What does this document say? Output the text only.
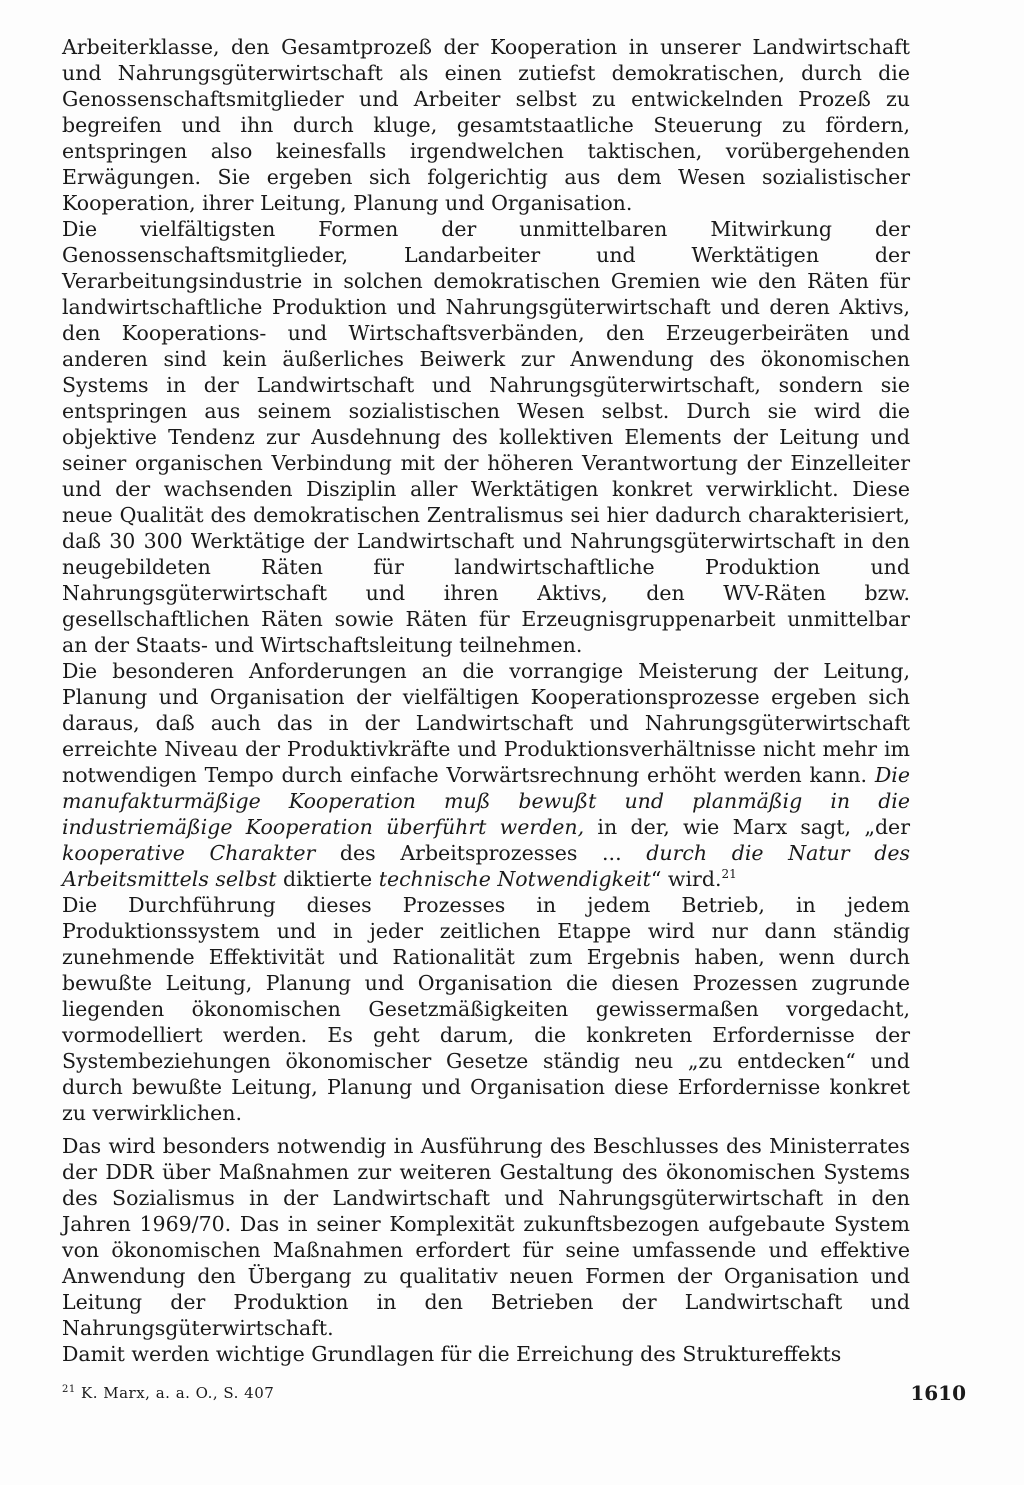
Arbeiterklasse, den Gesamtprozeß der Kooperation in unserer Landwirtschaft und Nahrungsgüterwirtschaft als einen zutiefst demokratischen, durch die Genossenschaftsmitglieder und Arbeiter selbst zu entwickelnden Prozeß zu begreifen und ihn durch kluge, gesamtstaatliche Steuerung zu fördern, entspringen also keinesfalls irgendwelchen taktischen, vorübergehenden Erwägungen. Sie ergeben sich folgerichtig aus dem Wesen sozialistischer Kooperation, ihrer Leitung, Planung und Organisation.

Die vielfältigsten Formen der unmittelbaren Mitwirkung der Genossenschaftsmitglieder, Landarbeiter und Werktätigen der Verarbeitungsindustrie in solchen demokratischen Gremien wie den Räten für landwirtschaftliche Produktion und Nahrungsgüterwirtschaft und deren Aktivs, den Kooperations- und Wirtschaftsverbänden, den Erzeugerbeiräten und anderen sind kein äußerliches Beiwerk zur Anwendung des ökonomischen Systems in der Landwirtschaft und Nahrungsgüterwirtschaft, sondern sie entspringen aus seinem sozialistischen Wesen selbst. Durch sie wird die objektive Tendenz zur Ausdehnung des kollektiven Elements der Leitung und seiner organischen Verbindung mit der höheren Verantwortung der Einzelleiter und der wachsenden Disziplin aller Werktätigen konkret verwirklicht. Diese neue Qualität des demokratischen Zentralismus sei hier dadurch charakterisiert, daß 30 300 Werktätige der Landwirtschaft und Nahrungsgüterwirtschaft in den neugebildeten Räten für landwirtschaftliche Produktion und Nahrungsgüterwirtschaft und ihren Aktivs, den WV-Räten bzw. gesellschaftlichen Räten sowie Räten für Erzeugnisgruppenarbeit unmittelbar an der Staats- und Wirtschaftsleitung teilnehmen.

Die besonderen Anforderungen an die vorrangige Meisterung der Leitung, Planung und Organisation der vielfältigen Kooperationsprozesse ergeben sich daraus, daß auch das in der Landwirtschaft und Nahrungsgüterwirtschaft erreichte Niveau der Produktivkräfte und Produktionsverhältnisse nicht mehr im notwendigen Tempo durch einfache Vorwärtsrechnung erhöht werden kann. Die manufakturmäßige Kooperation muß bewußt und planmäßig in die industriemäßige Kooperation überführt werden, in der, wie Marx sagt, „der kooperative Charakter des Arbeitsprozesses ... durch die Natur des Arbeitsmittels selbst diktierte technische Notwendigkeit“ wird.$^{21}$

Die Durchführung dieses Prozesses in jedem Betrieb, in jedem Produktionssystem und in jeder zeitlichen Etappe wird nur dann ständig zunehmende Effektivität und Rationalität zum Ergebnis haben, wenn durch bewußte Leitung, Planung und Organisation die diesen Prozessen zugrunde liegenden ökonomischen Gesetzmäßigkeiten gewissermaßen vorgedacht, vormodelliert werden. Es geht darum, die konkreten Erfordernisse der Systembeziehungen ökonomischer Gesetze ständig neu „zu entdecken“ und durch bewußte Leitung, Planung und Organisation diese Erfordernisse konkret zu verwirklichen.

Das wird besonders notwendig in Ausführung des Beschlusses des Ministerrates der DDR über Maßnahmen zur weiteren Gestaltung des ökonomischen Systems des Sozialismus in der Landwirtschaft und Nahrungsgüterwirtschaft in den Jahren 1969/70. Das in seiner Komplexität zukunftsbezogen aufgebaute System von ökonomischen Maßnahmen erfordert für seine umfassende und effektive Anwendung den Übergang zu qualitativ neuen Formen der Organisation und Leitung der Produktion in den Betrieben der Landwirtschaft und Nahrungsgüterwirtschaft.

Damit werden wichtige Grundlagen für die Erreichung des Struktureffekts

$^{21}$ K. Marx, a. a. O., S. 407	1610
